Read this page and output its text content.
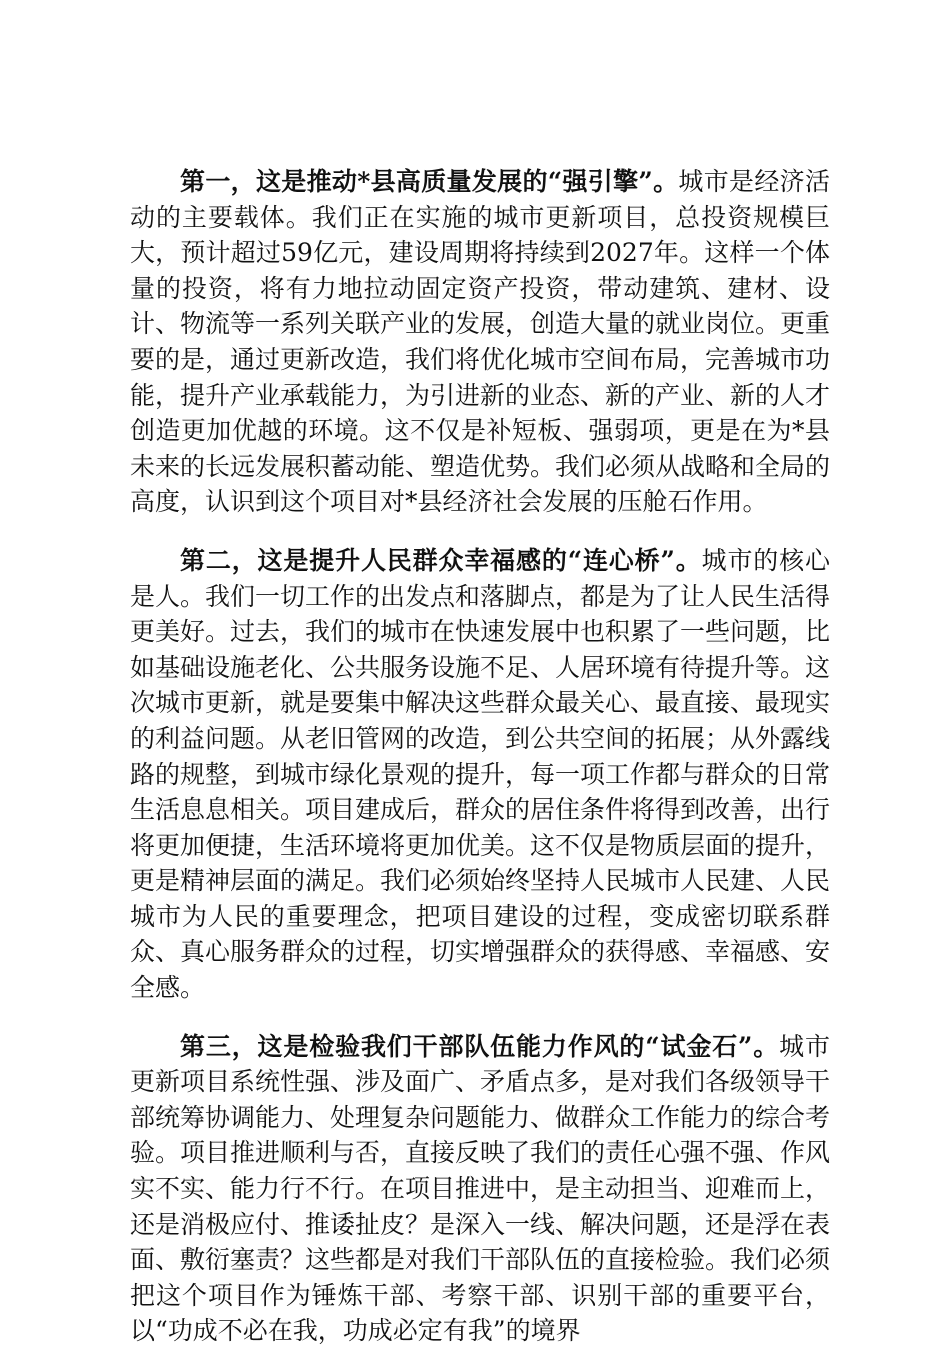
第一，这是推动*县高质量发展的“强引擎”。城市是经济活动的主要载体。我们正在实施的城市更新项目，总投资规模巨大，预计超过59亿元，建设周期将持续到2027年。这样一个体量的投资，将有力地拉动固定资产投资，带动建筑、建材、设计、物流等一系列关联产业的发展，创造大量的就业岗位。更重要的是，通过更新改造，我们将优化城市空间布局，完善城市功能，提升产业承载能力，为引进新的业态、新的产业、新的人才创造更加优越的环境。这不仅是补短板、强弱项，更是在为*县未来的长远发展积蓄动能、塑造优势。我们必须从战略和全局的高度，认识到这个项目对*县经济社会发展的压舱石作用。

第二，这是提升人民群众幸福感的“连心桥”。城市的核心是人。我们一切工作的出发点和落脚点，都是为了让人民生活得更美好。过去，我们的城市在快速发展中也积累了一些问题，比如基础设施老化、公共服务设施不足、人居环境有待提升等。这次城市更新，就是要集中解决这些群众最关心、最直接、最现实的利益问题。从老旧管网的改造，到公共空间的拓展；从外露线路的规整，到城市绿化景观的提升，每一项工作都与群众的日常生活息息相关。项目建成后，群众的居住条件将得到改善，出行将更加便捷，生活环境将更加优美。这不仅是物质层面的提升，更是精神层面的满足。我们必须始终坚持人民城市人民建、人民城市为人民的重要理念，把项目建设的过程，变成密切联系群众、真心服务群众的过程，切实增强群众的获得感、幸福感、安全感。

第三，这是检验我们干部队伍能力作风的“试金石”。城市更新项目系统性强、涉及面广、矛盾点多，是对我们各级领导干部统筹协调能力、处理复杂问题能力、做群众工作能力的综合考验。项目推进顺利与否，直接反映了我们的责任心强不强、作风实不实、能力行不行。在项目推进中，是主动担当、迎难而上，还是消极应付、推诿扯皮？是深入一线、解决问题，还是浮在表面、敷衍塞责？这些都是对我们干部队伍的直接检验。我们必须把这个项目作为锤炼干部、考察干部、识别干部的重要平台，以“功成不必在我，功成必定有我”的境界
